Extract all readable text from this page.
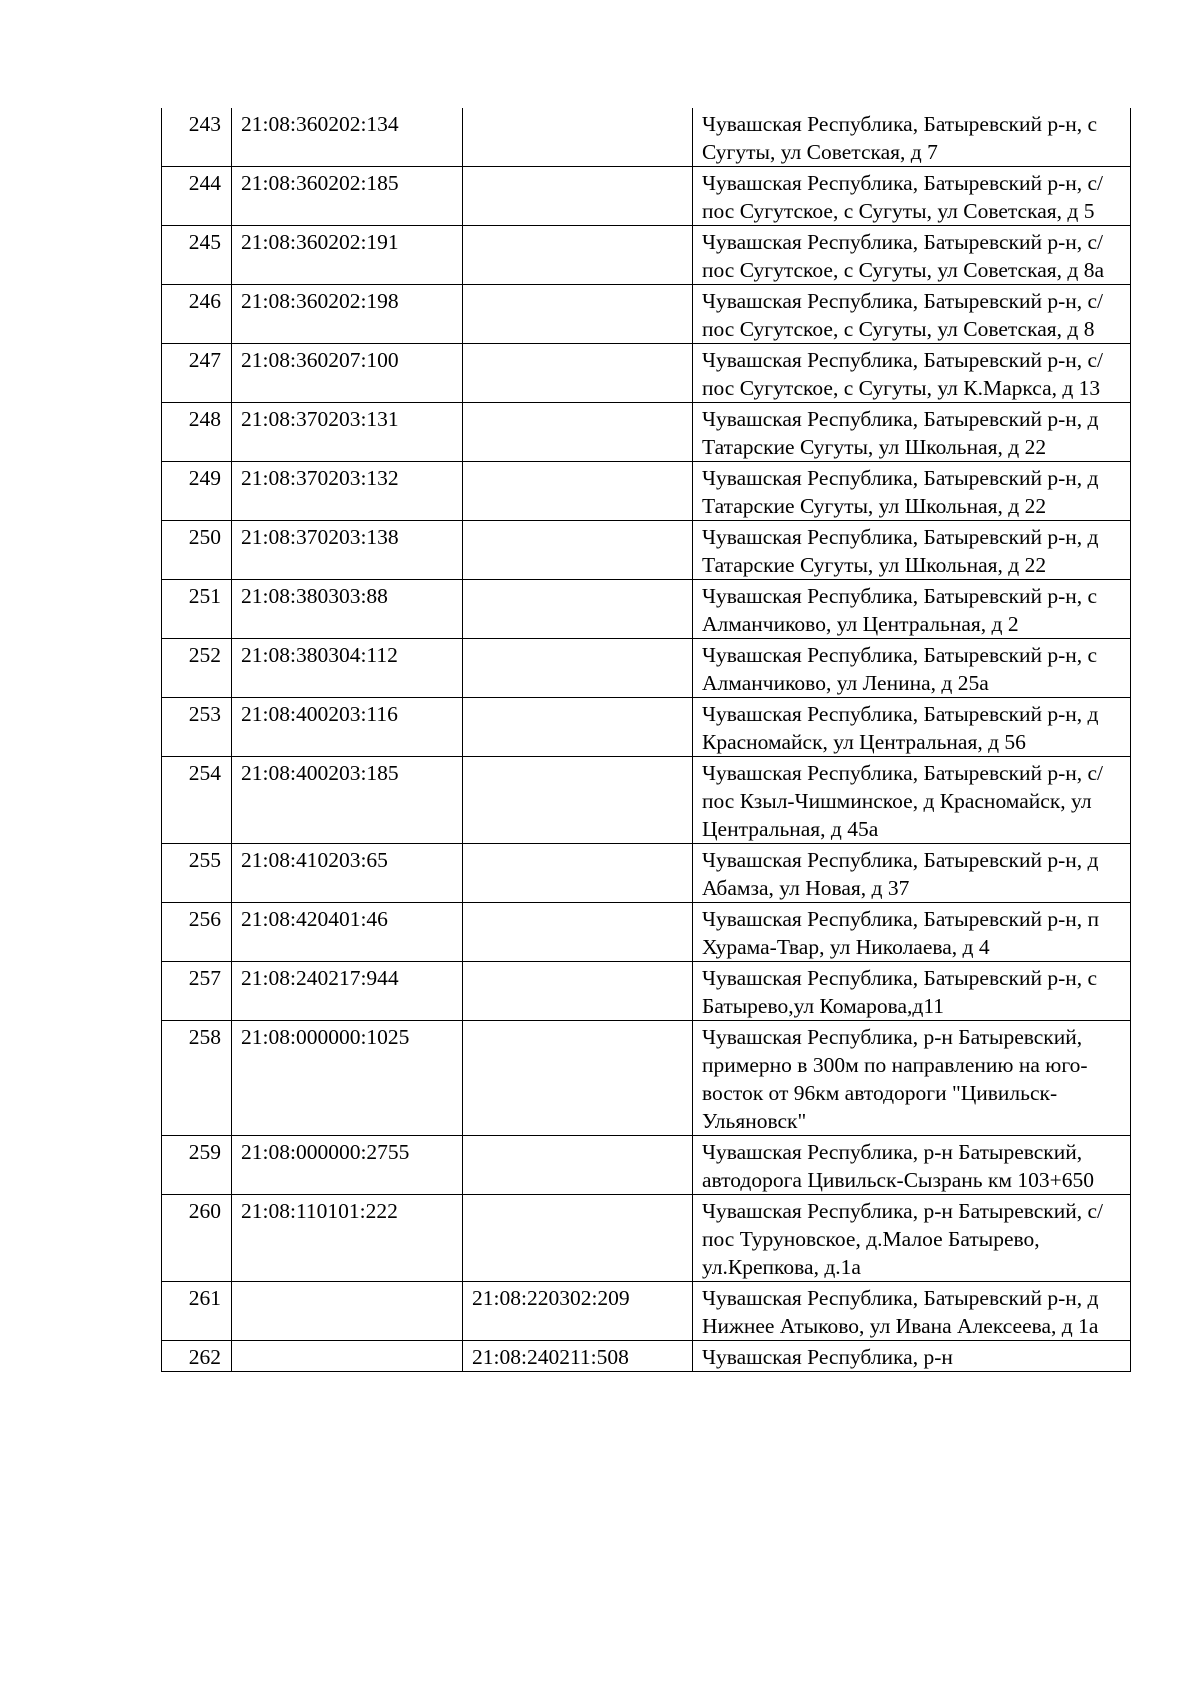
243	21:08:360202:134		Чувашская Республика, Батыревский р-н, с Сугуты, ул Советская, д 7
244	21:08:360202:185		Чувашская Республика, Батыревский р-н, с/пос Сугутское, с Сугуты, ул Советская, д 5
245	21:08:360202:191		Чувашская Республика, Батыревский р-н, с/пос Сугутское, с Сугуты, ул Советская, д 8а
246	21:08:360202:198		Чувашская Республика, Батыревский р-н, с/пос Сугутское, с Сугуты, ул Советская, д 8
247	21:08:360207:100		Чувашская Республика, Батыревский р-н, с/пос Сугутское, с Сугуты, ул К.Маркса, д 13
248	21:08:370203:131		Чувашская Республика, Батыревский р-н, д Татарские Сугуты, ул Школьная, д 22
249	21:08:370203:132		Чувашская Республика, Батыревский р-н, д Татарские Сугуты, ул Школьная, д 22
250	21:08:370203:138		Чувашская Республика, Батыревский р-н, д Татарские Сугуты, ул Школьная, д 22
251	21:08:380303:88		Чувашская Республика, Батыревский р-н, с Алманчиково, ул Центральная, д 2
252	21:08:380304:112		Чувашская Республика, Батыревский р-н, с Алманчиково, ул Ленина, д 25а
253	21:08:400203:116		Чувашская Республика, Батыревский р-н, д Красномайск, ул Центральная, д 56
254	21:08:400203:185		Чувашская Республика, Батыревский р-н, с/пос Кзыл-Чишминское, д Красномайск, ул Центральная, д 45а
255	21:08:410203:65		Чувашская Республика, Батыревский р-н, д Абамза, ул Новая, д 37
256	21:08:420401:46		Чувашская Республика, Батыревский р-н, п Хурама-Твар, ул Николаева, д 4
257	21:08:240217:944		Чувашская Республика, Батыревский р-н, с Батырево,ул Комарова,д11
258	21:08:000000:1025		Чувашская Республика, р-н Батыревский, примерно в 300м по направлению на юго-восток от 96км автодороги "Цивильск-Ульяновск"
259	21:08:000000:2755		Чувашская Республика, р-н Батыревский, автодорога Цивильск-Сызрань км 103+650
260	21:08:110101:222		Чувашская Республика, р-н Батыревский, с/пос Туруновское, д.Малое Батырево, ул.Крепкова, д.1а
261		21:08:220302:209	Чувашская Республика, Батыревский р-н, д Нижнее Атыково, ул Ивана Алексеева, д 1а
262		21:08:240211:508	Чувашская Республика, р-н
